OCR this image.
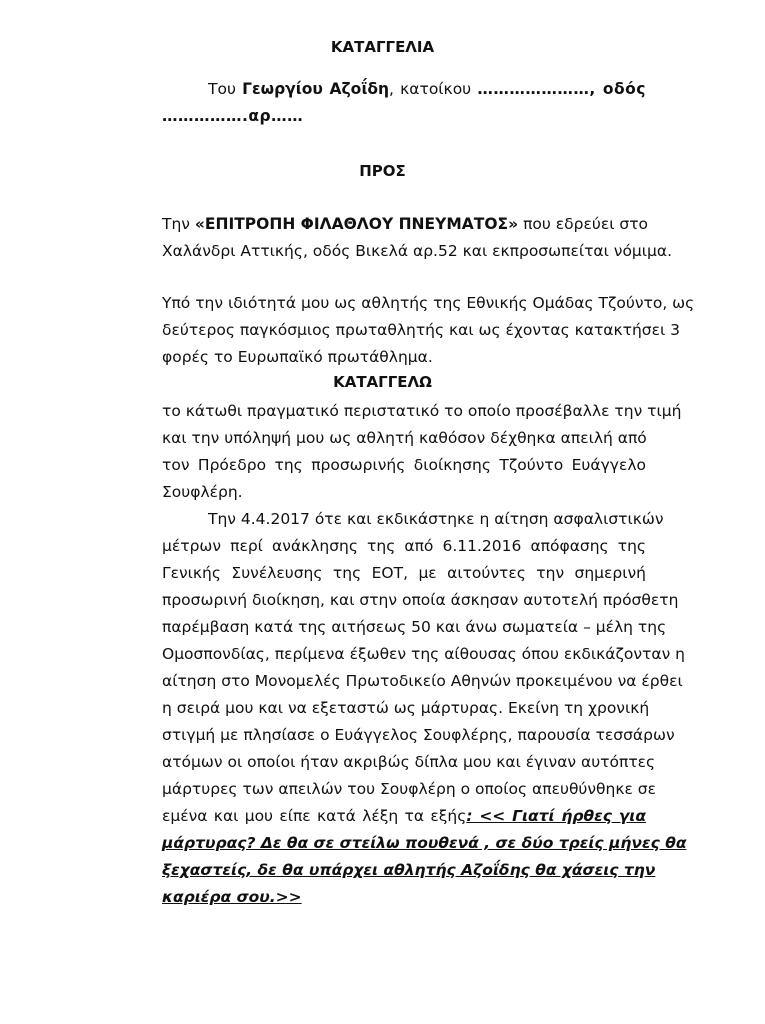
ΚΑΤΑΓΓΕΛΙΑ
Του Γεωργίου Αζοΐδη, κατοίκου …………………, οδός
…………….αρ……
ΠΡΟΣ
Την «ΕΠΙΤΡΟΠΗ ΦΙΛΑΘΛΟΥ ΠΝΕΥΜΑΤΟΣ» που εδρεύει στο
Χαλάνδρι Αττικής, οδός Βικελά αρ.52 και εκπροσωπείται νόμιμα.
Υπό την ιδιότητά μου ως αθλητής της Εθνικής Ομάδας Τζούντο, ως
δεύτερος παγκόσμιος πρωταθλητής και ως έχοντας κατακτήσει 3
φορές το Ευρωπαϊκό πρωτάθλημα.
ΚΑΤΑΓΓΕΛΩ
το κάτωθι πραγματικό περιστατικό το οποίο προσέβαλλε την τιμή
και την υπόληψή μου ως αθλητή καθόσον δέχθηκα απειλή από
τον Πρόεδρο της προσωρινής διοίκησης Τζούντο Ευάγγελο
Σουφλέρη.
Την 4.4.2017 ότε και εκδικάστηκε η αίτηση ασφαλιστικών
μέτρων περί ανάκλησης της από 6.11.2016 απόφασης της
Γενικής Συνέλευσης της ΕΟΤ, με αιτούντες την σημερινή
προσωρινή διοίκηση, και στην οποία άσκησαν αυτοτελή πρόσθετη
παρέμβαση κατά της αιτήσεως 50 και άνω σωματεία – μέλη της
Ομοσπονδίας, περίμενα έξωθεν της αίθουσας όπου εκδικάζονταν η
αίτηση στο Μονομελές Πρωτοδικείο Αθηνών προκειμένου να έρθει
η σειρά μου και να εξεταστώ ως μάρτυρας. Εκείνη τη χρονική
στιγμή με πλησίασε ο Ευάγγελος Σουφλέρης, παρουσία τεσσάρων
ατόμων οι οποίοι ήταν ακριβώς δίπλα μου και έγιναν αυτόπτες
μάρτυρες των απειλών του Σουφλέρη ο οποίος απευθύνθηκε σε
εμένα και μου είπε κατά λέξη τα εξής: << Γιατί ήρθες για
μάρτυρας? Δε θα σε στείλω πουθενά , σε δύο τρείς μήνες θα
ξεχαστείς, δε θα υπάρχει αθλητής Αζοΐδης θα χάσεις την
καριέρα σου.>>
